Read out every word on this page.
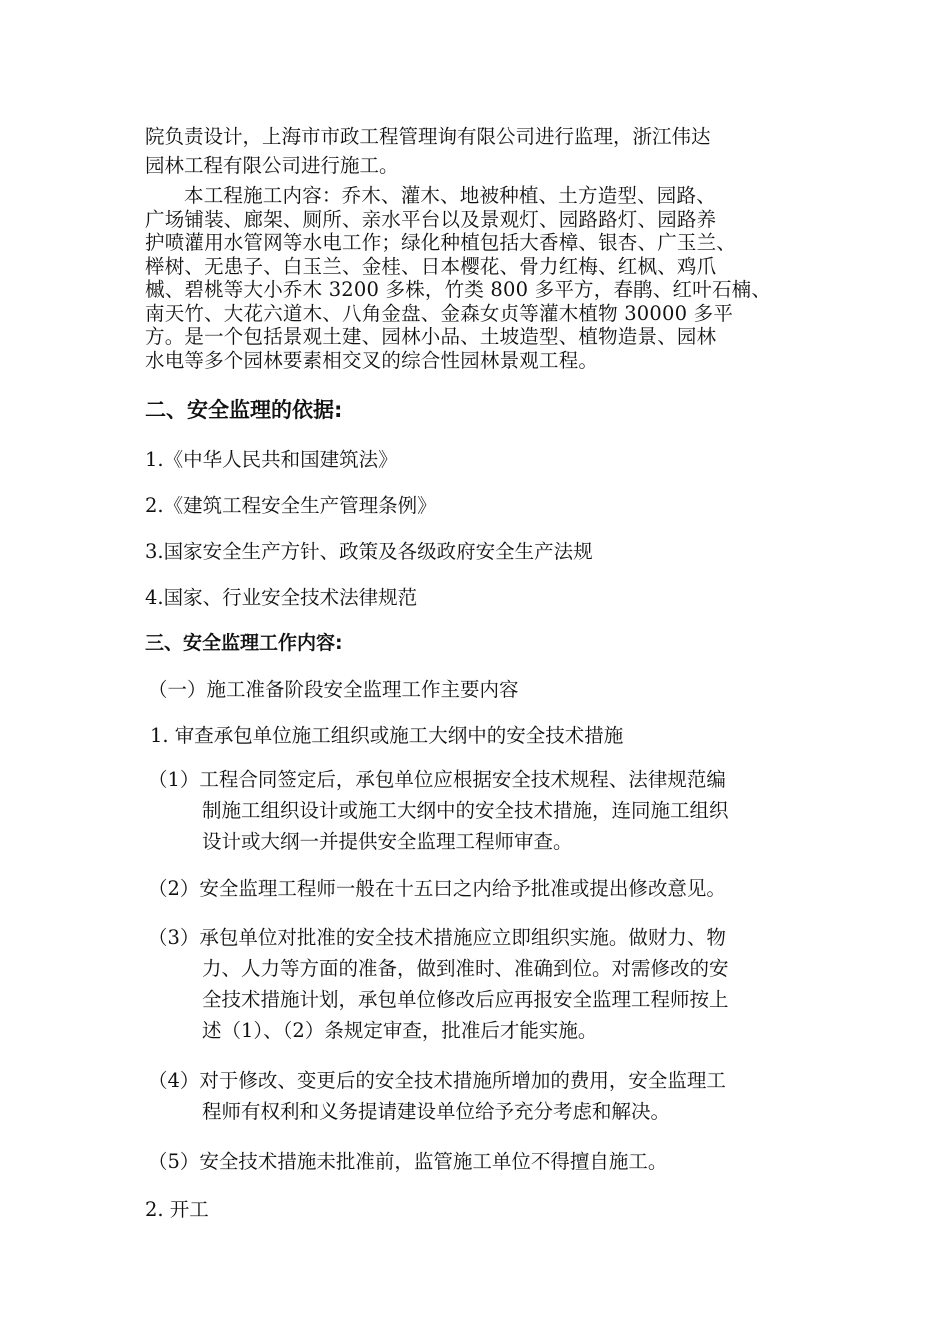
院负责设计，上海市市政工程管理询有限公司进行监理，浙江伟达
园林工程有限公司进行施工。
本工程施工内容：乔木、灌木、地被种植、土方造型、园路、
广场铺装、廊架、厕所、亲水平台以及景观灯、园路路灯、园路养
护喷灌用水管网等水电工作；绿化种植包括大香樟、银杏、广玉兰、
榉树、无患子、白玉兰、金桂、日本樱花、骨力红梅、红枫、鸡爪
槭、碧桃等大小乔木 3200 多株，竹类 800 多平方，春鹃、红叶石楠、
南天竹、大花六道木、八角金盘、金森女贞等灌木植物 30000 多平
方。是一个包括景观土建、园林小品、土坡造型、植物造景、园林
水电等多个园林要素相交叉的综合性园林景观工程。
二、安全监理的依据:
1.《中华人民共和国建筑法》
2.《建筑工程安全生产管理条例》
3.国家安全生产方针、政策及各级政府安全生产法规
4.国家、行业安全技术法律规范
三、安全监理工作内容:
（一）施工准备阶段安全监理工作主要内容
1. 审查承包单位施工组织或施工大纲中的安全技术措施
（1）工程合同签定后，承包单位应根据安全技术规程、法律规范编
制施工组织设计或施工大纲中的安全技术措施，连同施工组织
设计或大纲一并提供安全监理工程师审查。
（2）安全监理工程师一般在十五曰之内给予批准或提出修改意见。
（3）承包单位对批准的安全技术措施应立即组织实施。做财力、物
力、人力等方面的准备，做到准时、准确到位。对需修改的安
全技术措施计划，承包单位修改后应再报安全监理工程师按上
述（1）、（2）条规定审查，批准后才能实施。
（4）对于修改、变更后的安全技术措施所增加的费用，安全监理工
程师有权利和义务提请建设单位给予充分考虑和解决。
（5）安全技术措施未批准前，监管施工单位不得擅自施工。
2. 开工
